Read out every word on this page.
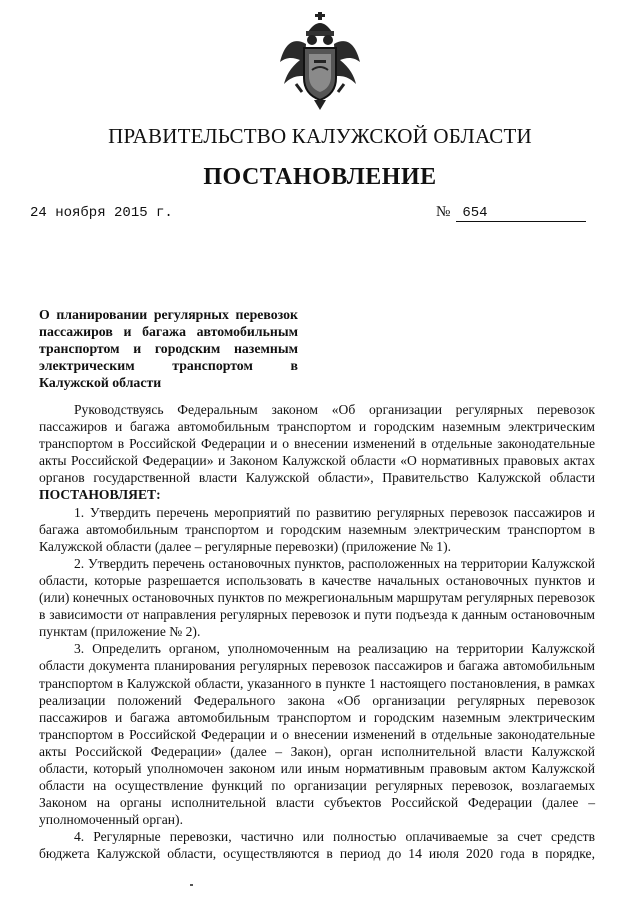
ПРАВИТЕЛЬСТВО КАЛУЖСКОЙ ОБЛАСТИ
ПОСТАНОВЛЕНИЕ
24 ноября 2015 г.	№ 654
О планировании регулярных перевозок пассажиров и багажа автомобильным транспортом и городским наземным электрическим транспортом в Калужской области

Руководствуясь Федеральным законом «Об организации регулярных перевозок пассажиров и багажа автомобильным транспортом и городским наземным электрическим транспортом в Российской Федерации и о внесении изменений в отдельные законодательные акты Российской Федерации» и Законом Калужской области «О нормативных правовых актах органов государственной власти Калужской области», Правительство Калужской области ПОСТАНОВЛЯЕТ:

1. Утвердить перечень мероприятий по развитию регулярных перевозок пассажиров и багажа автомобильным транспортом и городским наземным электрическим транспортом в Калужской области (далее – регулярные перевозки) (приложение № 1).

2. Утвердить перечень остановочных пунктов, расположенных на территории Калужской области, которые разрешается использовать в качестве начальных остановочных пунктов и (или) конечных остановочных пунктов по межрегиональным маршрутам регулярных перевозок в зависимости от направления регулярных перевозок и пути подъезда к данным остановочным пунктам (приложение № 2).

3. Определить органом, уполномоченным на реализацию на территории Калужской области документа планирования регулярных перевозок пассажиров и багажа автомобильным транспортом в Калужской области, указанного в пункте 1 настоящего постановления, в рамках реализации положений Федерального закона «Об организации регулярных перевозок пассажиров и багажа автомобильным транспортом и городским наземным электрическим транспортом в Российской Федерации и о внесении изменений в отдельные законодательные акты Российской Федерации» (далее – Закон), орган исполнительной власти Калужской области, который уполномочен законом или иным нормативным правовым актом Калужской области на осуществление функций по организации регулярных перевозок, возлагаемых Законом на органы исполнительной власти субъектов Российской Федерации (далее – уполномоченный орган).

4. Регулярные перевозки, частично или полностью оплачиваемые за счет средств бюджета Калужской области, осуществляются в период до 14 июля 2020 года в порядке,
